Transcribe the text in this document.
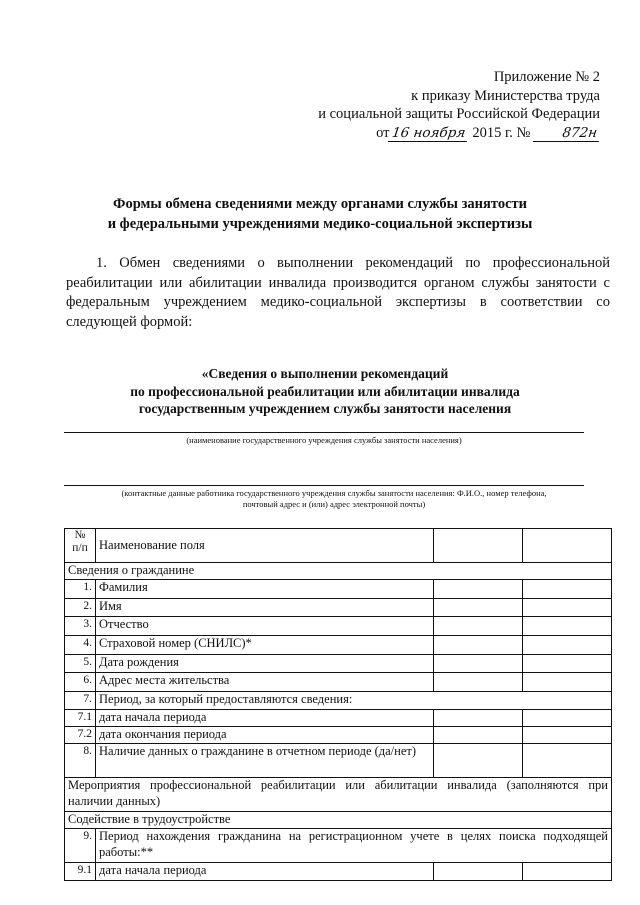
Приложение № 2
к приказу Министерства труда
и социальной защиты Российской Федерации
от 16 ноября 2015 г. № 872н
Формы обмена сведениями между органами службы занятости
и федеральными учреждениями медико-социальной экспертизы

1. Обмен сведениями о выполнении рекомендаций по профессиональной реабилитации или абилитации инвалида производится органом службы занятости с федеральным учреждением медико-социальной экспертизы в соответствии со следующей формой:

«Сведения о выполнении рекомендаций
по профессиональной реабилитации или абилитации инвалида
государственным учреждением службы занятости населения
(наименование государственного учреждения службы занятости населения)
(контактные данные работника государственного учреждения службы занятости населения: Ф.И.О., номер телефона,
почтовый адрес и (или) адрес электронной почты)
№
п/п	Наименование поля		
Сведения о гражданине			
1.	Фамилия		
2.	Имя		
3.	Отчество		
4.	Страховой номер (СНИЛС)*		
5.	Дата рождения		
6.	Адрес места жительства		
7.	Период, за который предоставляются сведения:		
7.1	дата начала периода		
7.2	дата окончания периода		
8.	Наличие данных о гражданине в отчетном периоде (да/нет)		
Мероприятия профессиональной реабилитации или абилитации инвалида (заполняются при наличии данных)			
Содействие в трудоустройстве			
9.	Период нахождения гражданина на регистрационном учете в целях поиска подходящей работы:**		
9.1	дата начала периода		
